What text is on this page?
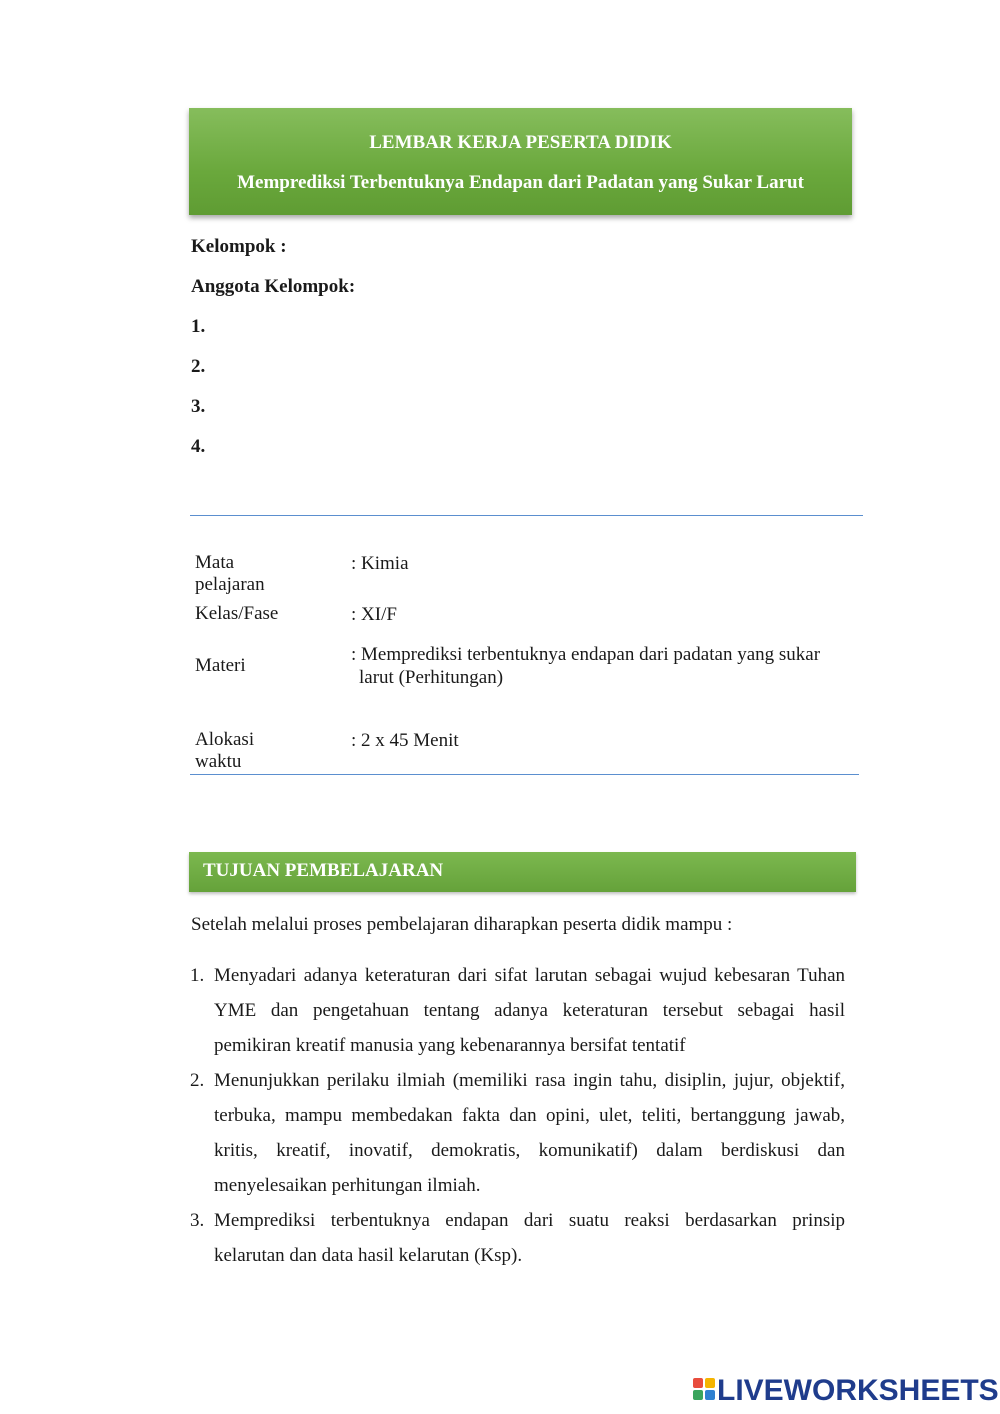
LEMBAR KERJA PESERTA DIDIK
Memprediksi Terbentuknya Endapan dari Padatan yang Sukar Larut
Kelompok :
Anggota Kelompok:
1.
2.
3.
4.
Mata pelajaran
: Kimia
Kelas/Fase	: XI/F
Materi
: Memprediksi terbentuknya endapan dari padatan yang sukar
larut (Perhitungan)
Alokasi waktu
: 2 x 45 Menit
TUJUAN PEMBELAJARAN
Setelah melalui proses pembelajaran diharapkan peserta didik mampu :
1. Menyadari adanya keteraturan dari sifat larutan sebagai wujud kebesaran Tuhan YME dan pengetahuan tentang adanya keteraturan tersebut sebagai hasil pemikiran kreatif manusia yang kebenarannya bersifat tentatif
2. Menunjukkan perilaku ilmiah (memiliki rasa ingin tahu, disiplin, jujur, objektif, terbuka, mampu membedakan fakta dan opini, ulet, teliti, bertanggung jawab, kritis, kreatif, inovatif, demokratis, komunikatif) dalam berdiskusi dan menyelesaikan perhitungan ilmiah.
3. Memprediksi terbentuknya endapan dari suatu reaksi berdasarkan prinsip kelarutan dan data hasil kelarutan (Ksp).
LIVEWORKSHEETS
